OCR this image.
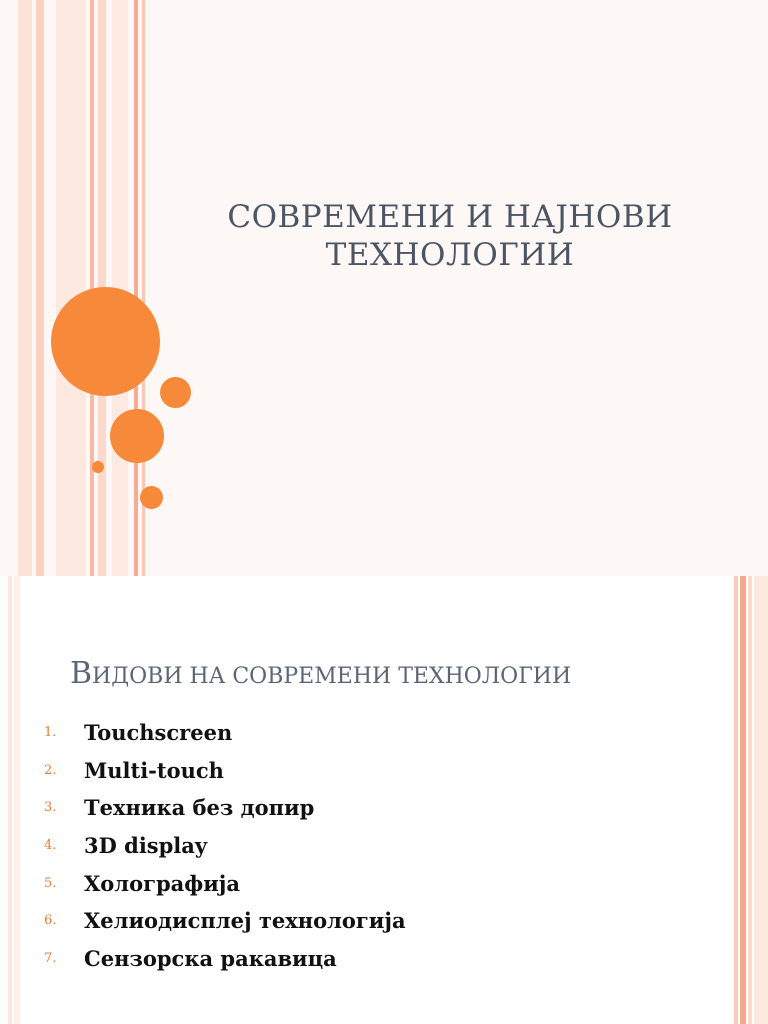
СОВРЕМЕНИ И НАЈНОВИ
ТЕХНОЛОГИИ
ВИДОВИ НА СОВРЕМЕНИ ТЕХНОЛОГИИ
1.	Touchscreen
2.	Multi-touch
3.	Техника без допир
4.	3D display
5.	Холографија
6.	Хелиодисплеј технологија
7.	Сензорска ракавица
